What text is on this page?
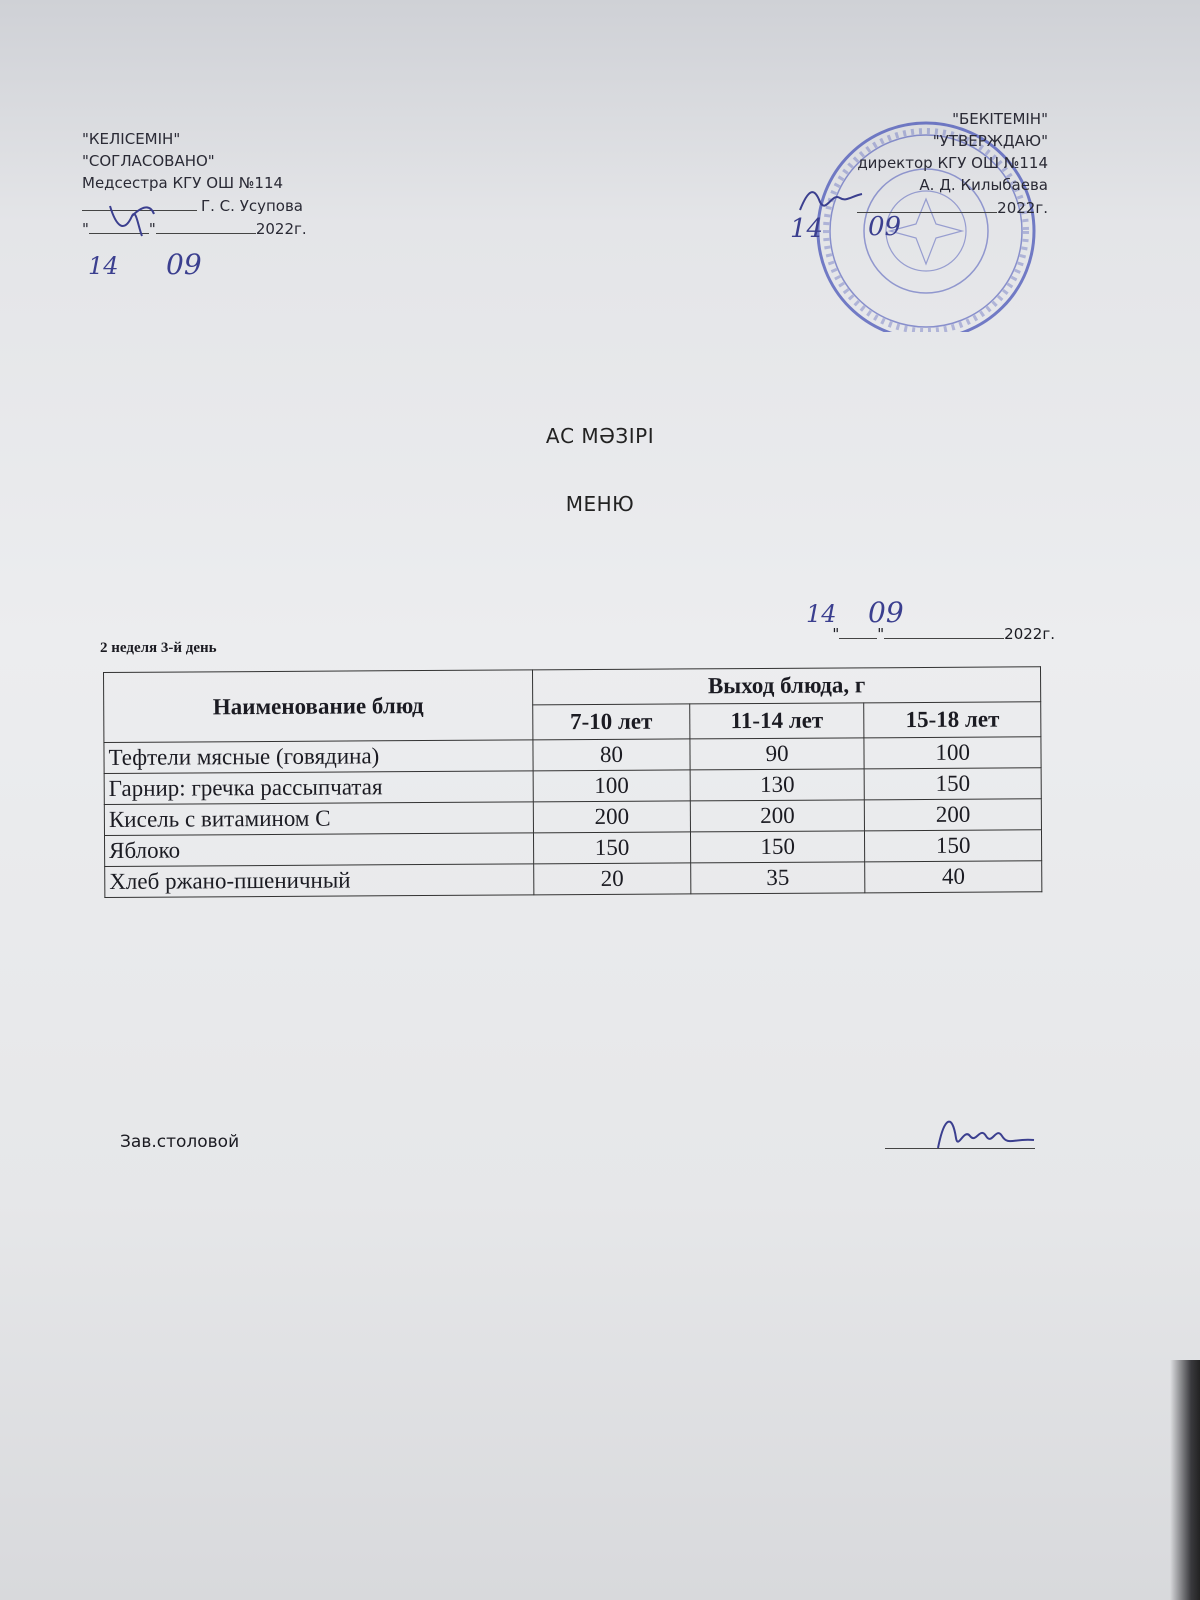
"КЕЛІСЕМІН"
"СОГЛАСОВАНО"
Медсестра КГУ ОШ №114
Г. С. Усупова
"	"	2022г.
14 09
"БЕКІТЕМІН"
"УТВЕРЖДАЮ"
директор КГУ ОШ №114
А. Д. Килыбаева
2022г.
14 09
АС МӘЗІРІ
МЕНЮ
2 неделя 3-й день
"	"	2022г.
14 09
Наименование блюд	Выход блюда, г		
	7-10 лет	11-14 лет	15-18 лет
Тефтели мясные (говядина)	80	90	100
Гарнир: гречка рассыпчатая	100	130	150
Кисель с витамином С	200	200	200
Яблоко	150	150	150
Хлеб ржано-пшеничный	20	35	40
Зав.столовой
